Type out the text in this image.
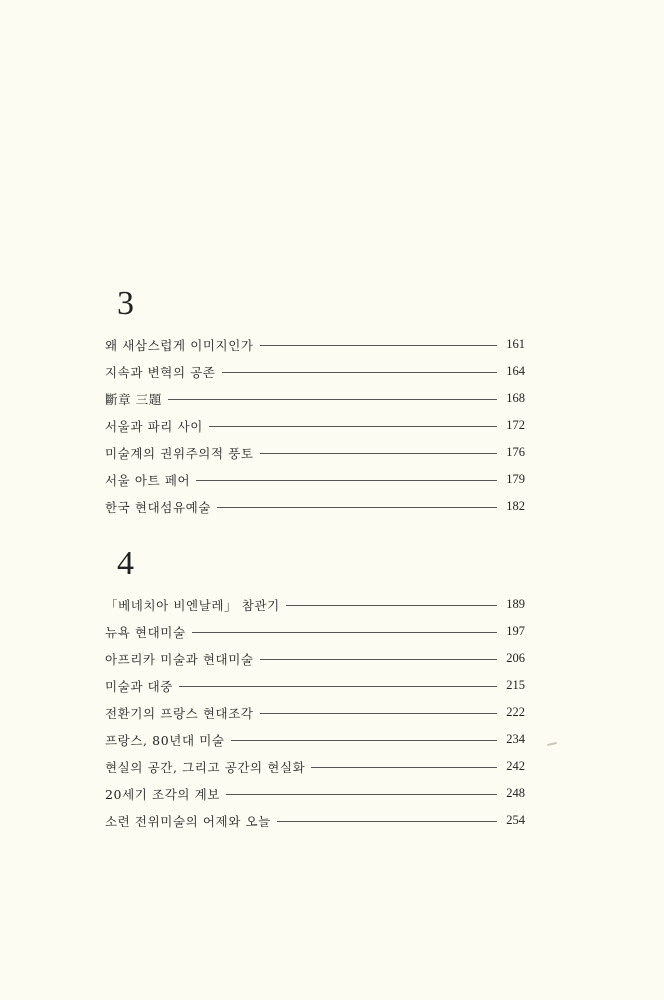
3
왜 새삼스럽게 이미지인가	161
지속과 변혁의 공존	164
斷章 三題	168
서울과 파리 사이	172
미술계의 권위주의적 풍토	176
서울 아트 페어	179
한국 현대섬유예술	182
4
「베네치아 비엔날레」 참관기	189
뉴욕 현대미술	197
아프리카 미술과 현대미술	206
미술과 대중	215
전환기의 프랑스 현대조각	222
프랑스, 80년대 미술	234
현실의 공간, 그리고 공간의 현실화	242
20세기 조각의 계보	248
소련 전위미술의 어제와 오늘	254
